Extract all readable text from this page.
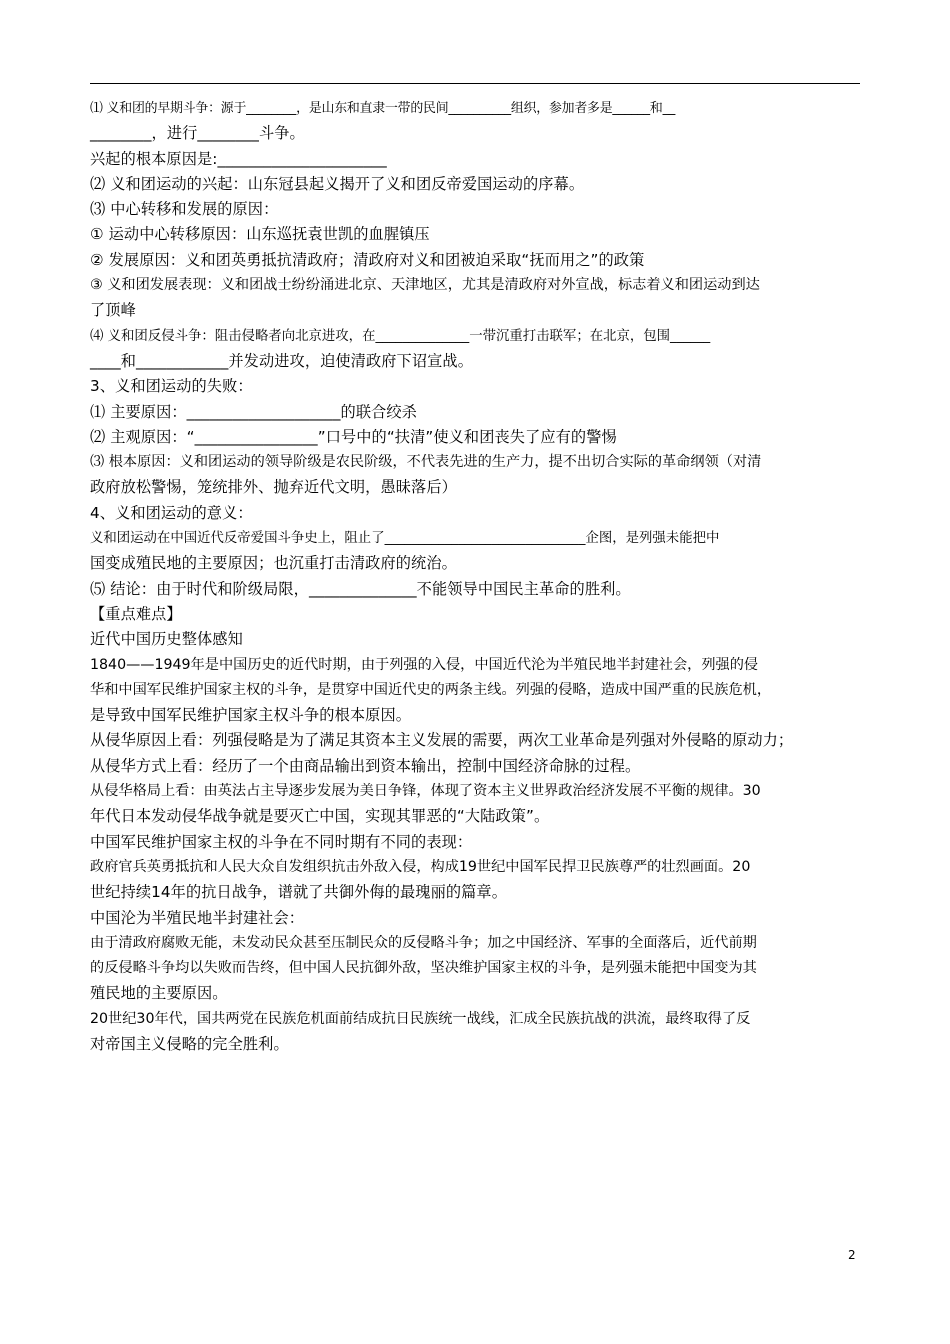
⑴ 义和团的早期斗争：源于________，是山东和直隶一带的民间__________组织，参加者多是______和__
________，进行________斗争。
兴起的根本原因是:______________________
⑵ 义和团运动的兴起：山东冠县起义揭开了义和团反帝爱国运动的序幕。
⑶ 中心转移和发展的原因：
① 运动中心转移原因：山东巡抚袁世凯的血腥镇压
② 发展原因：义和团英勇抵抗清政府；清政府对义和团被迫采取“抚而用之”的政策
③ 义和团发展表现：义和团战士纷纷涌进北京、天津地区，尤其是清政府对外宣战，标志着义和团运动到达
了顶峰
⑷ 义和团反侵斗争：阻击侵略者向北京进攻，在______________一带沉重打击联军；在北京，包围______
____和____________并发动进攻，迫使清政府下诏宣战。
3、义和团运动的失败：
⑴ 主要原因：____________________的联合绞杀
⑵ 主观原因：“________________”口号中的“扶清”使义和团丧失了应有的警惕
⑶ 根本原因：义和团运动的领导阶级是农民阶级，不代表先进的生产力，提不出切合实际的革命纲领（对清
政府放松警惕，笼统排外、抛弃近代文明，愚昧落后）
4、义和团运动的意义：
义和团运动在中国近代反帝爱国斗争史上，阻止了______________________________企图，是列强未能把中
国变成殖民地的主要原因；也沉重打击清政府的统治。
⑸ 结论：由于时代和阶级局限，______________不能领导中国民主革命的胜利。
【重点难点】
近代中国历史整体感知
1840——1949年是中国历史的近代时期，由于列强的入侵，中国近代沦为半殖民地半封建社会，列强的侵
华和中国军民维护国家主权的斗争，是贯穿中国近代史的两条主线。列强的侵略，造成中国严重的民族危机，
是导致中国军民维护国家主权斗争的根本原因。
从侵华原因上看：列强侵略是为了满足其资本主义发展的需要，两次工业革命是列强对外侵略的原动力；
从侵华方式上看：经历了一个由商品输出到资本输出，控制中国经济命脉的过程。
从侵华格局上看：由英法占主导逐步发展为美日争锋，体现了资本主义世界政治经济发展不平衡的规律。30
年代日本发动侵华战争就是要灭亡中国，实现其罪恶的“大陆政策”。
中国军民维护国家主权的斗争在不同时期有不同的表现：
政府官兵英勇抵抗和人民大众自发组织抗击外敌入侵，构成19世纪中国军民捍卫民族尊严的壮烈画面。20
世纪持续14年的抗日战争，谱就了共御外侮的最瑰丽的篇章。
中国沦为半殖民地半封建社会：
由于清政府腐败无能，未发动民众甚至压制民众的反侵略斗争；加之中国经济、军事的全面落后，近代前期
的反侵略斗争均以失败而告终，但中国人民抗御外敌，坚决维护国家主权的斗争，是列强未能把中国变为其
殖民地的主要原因。
20世纪30年代，国共两党在民族危机面前结成抗日民族统一战线，汇成全民族抗战的洪流，最终取得了反
对帝国主义侵略的完全胜利。
2
